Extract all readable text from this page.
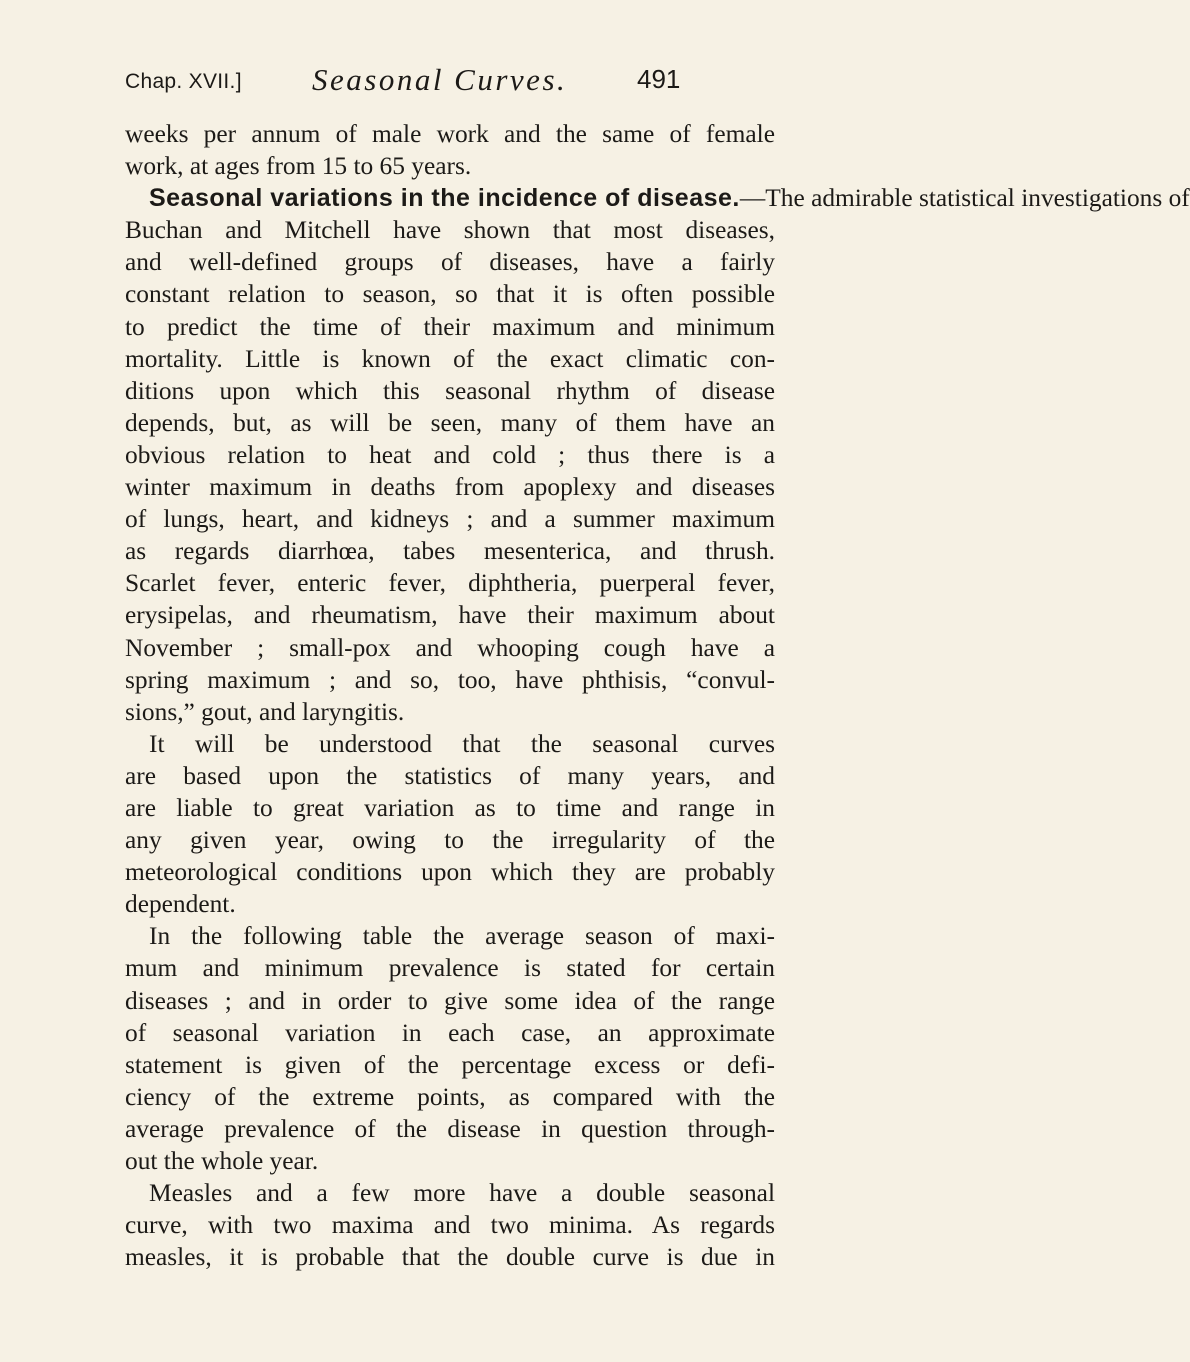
Chap. XVII.] Seasonal Curves.	491
weeks per annum of male work and the same of female
work, at ages from 15 to 65 years.
Seasonal variations in the incidence of disease.—The admirable statistical investigations of
Buchan and Mitchell have shown that most diseases,
and well-defined groups of diseases, have a fairly
constant relation to season, so that it is often possible
to predict the time of their maximum and minimum
mortality. Little is known of the exact climatic con-
ditions upon which this seasonal rhythm of disease
depends, but, as will be seen, many of them have an
obvious relation to heat and cold ; thus there is a
winter maximum in deaths from apoplexy and diseases
of lungs, heart, and kidneys ; and a summer maximum
as regards diarrhœa, tabes mesenterica, and thrush.
Scarlet fever, enteric fever, diphtheria, puerperal fever,
erysipelas, and rheumatism, have their maximum about
November ; small-pox and whooping cough have a
spring maximum ; and so, too, have phthisis, “convul-
sions,” gout, and laryngitis.
It will be understood that the seasonal curves
are based upon the statistics of many years, and
are liable to great variation as to time and range in
any given year, owing to the irregularity of the
meteorological conditions upon which they are probably
dependent.
In the following table the average season of maxi-
mum and minimum prevalence is stated for certain
diseases ; and in order to give some idea of the range
of seasonal variation in each case, an approximate
statement is given of the percentage excess or defi-
ciency of the extreme points, as compared with the
average prevalence of the disease in question through-
out the whole year.
Measles and a few more have a double seasonal
curve, with two maxima and two minima. As regards
measles, it is probable that the double curve is due in
